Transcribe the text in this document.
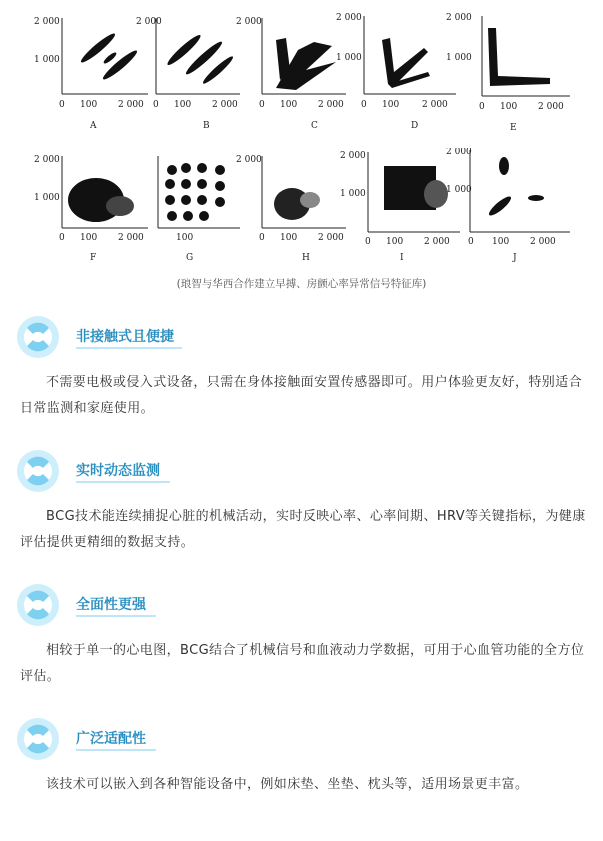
2 000
1 000
0 100 2 000
A
2 000
0 100 2 000
B
2 000
0 100 2 000
C
2 000
1 000
0 100	2 000
D
2 000
1 000
0 100 2 000
E
2 000
1 000
0 100 2 000
F
100
G
2 000
0 100 2 000
H
2 000
1 000
0 100 2 000
I
2 000
1 000
0 100 2 000
J
(琅智与华西合作建立早搏、房颤心率异常信号特征库)
非接触式且便捷

不需要电极或侵入式设备，只需在身体接触面安置传感器即可。用户体验更友好，特别适合日常监测和家庭使用。

实时动态监测

BCG技术能连续捕捉心脏的机械活动，实时反映心率、心率间期、HRV等关键指标，为健康评估提供更精细的数据支持。

全面性更强

相较于单一的心电图，BCG结合了机械信号和血液动力学数据，可用于心血管功能的全方位评估。

广泛适配性

该技术可以嵌入到各种智能设备中，例如床垫、坐垫、枕头等，适用场景更丰富。
